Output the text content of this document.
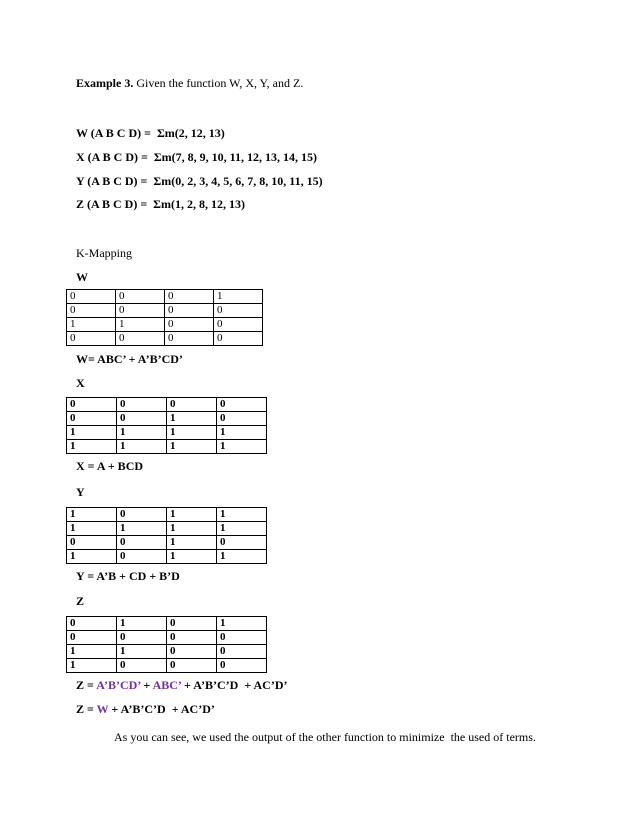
Example 3. Given the function W, X, Y, and Z.
W (A B C D) =  Σm(2, 12, 13)
X (A B C D) =  Σm(7, 8, 9, 10, 11, 12, 13, 14, 15)
Y (A B C D) =  Σm(0, 2, 3, 4, 5, 6, 7, 8, 10, 11, 15)
Z (A B C D) =  Σm(1, 2, 8, 12, 13)
K-Mapping
W
0	0	0	1
0	0	0	0
1	1	0	0
0	0	0	0
W= ABC’ + A’B’CD’
X
0	0	0	0
0	0	1	0
1	1	1	1
1	1	1	1
X = A + BCD
Y
1	0	1	1
1	1	1	1
0	0	1	0
1	0	1	1
Y = A’B + CD + B’D
Z
0	1	0	1
0	0	0	0
1	1	0	0
1	0	0	0
Z = A’B’CD’ + ABC’ + A’B’C’D  + AC’D’
Z = W + A’B’C’D  + AC’D’
As you can see, we used the output of the other function to minimize  the used of terms.
